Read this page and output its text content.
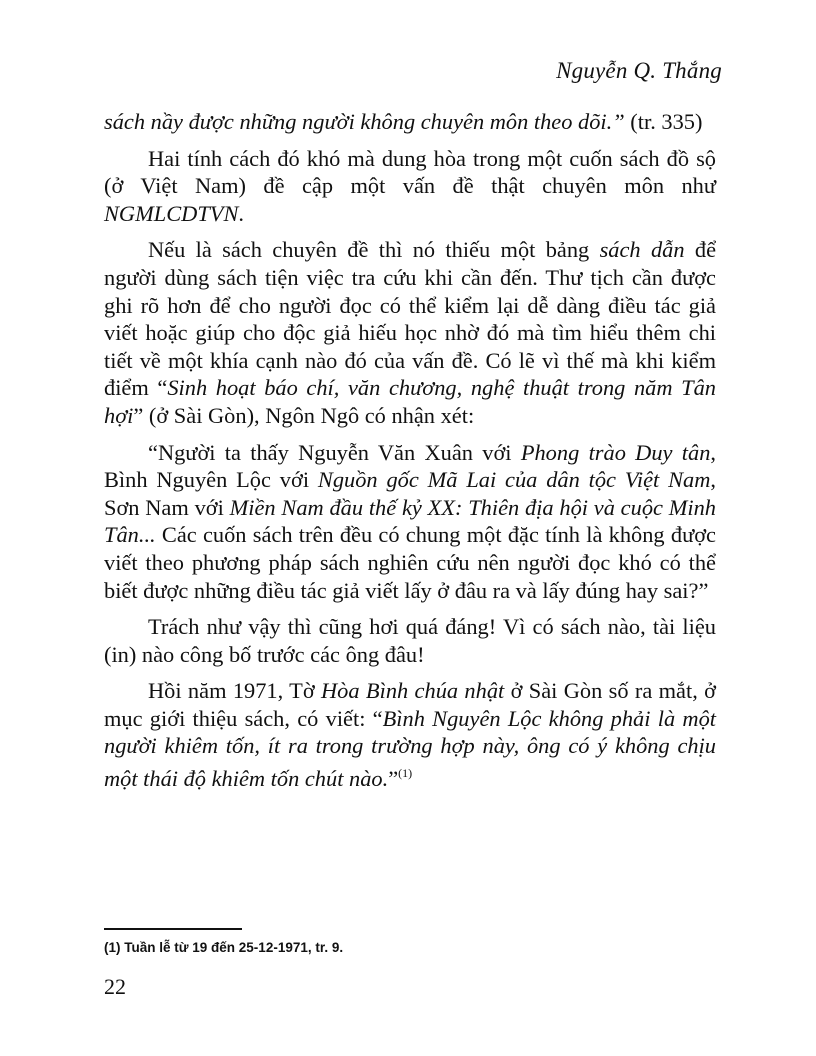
Nguyễn Q. Thắng

sách nầy được những người không chuyên môn theo dõi.” (tr. 335)

Hai tính cách đó khó mà dung hòa trong một cuốn sách đồ sộ (ở Việt Nam) đề cập một vấn đề thật chuyên môn như NGMLCDTVN.

Nếu là sách chuyên đề thì nó thiếu một bảng sách dẫn để người dùng sách tiện việc tra cứu khi cần đến. Thư tịch cần được ghi rõ hơn để cho người đọc có thể kiểm lại dễ dàng điều tác giả viết hoặc giúp cho độc giả hiếu học nhờ đó mà tìm hiểu thêm chi tiết về một khía cạnh nào đó của vấn đề. Có lẽ vì thế mà khi kiểm điểm “Sinh hoạt báo chí, văn chương, nghệ thuật trong năm Tân hợi” (ở Sài Gòn), Ngôn Ngô có nhận xét:

“Người ta thấy Nguyễn Văn Xuân với Phong trào Duy tân, Bình Nguyên Lộc với Nguồn gốc Mã Lai của dân tộc Việt Nam, Sơn Nam với Miền Nam đầu thế kỷ XX: Thiên địa hội và cuộc Minh Tân... Các cuốn sách trên đều có chung một đặc tính là không được viết theo phương pháp sách nghiên cứu nên người đọc khó có thể biết được những điều tác giả viết lấy ở đâu ra và lấy đúng hay sai?”

Trách như vậy thì cũng hơi quá đáng! Vì có sách nào, tài liệu (in) nào công bố trước các ông đâu!

Hồi năm 1971, Tờ Hòa Bình chúa nhật ở Sài Gòn số ra mắt, ở mục giới thiệu sách, có viết: “Bình Nguyên Lộc không phải là một người khiêm tốn, ít ra trong trường hợp này, ông có ý không chịu một thái độ khiêm tốn chút nào.”$^{(1)}$

(1) Tuần lễ từ 19 đến 25-12-1971, tr. 9.
22
